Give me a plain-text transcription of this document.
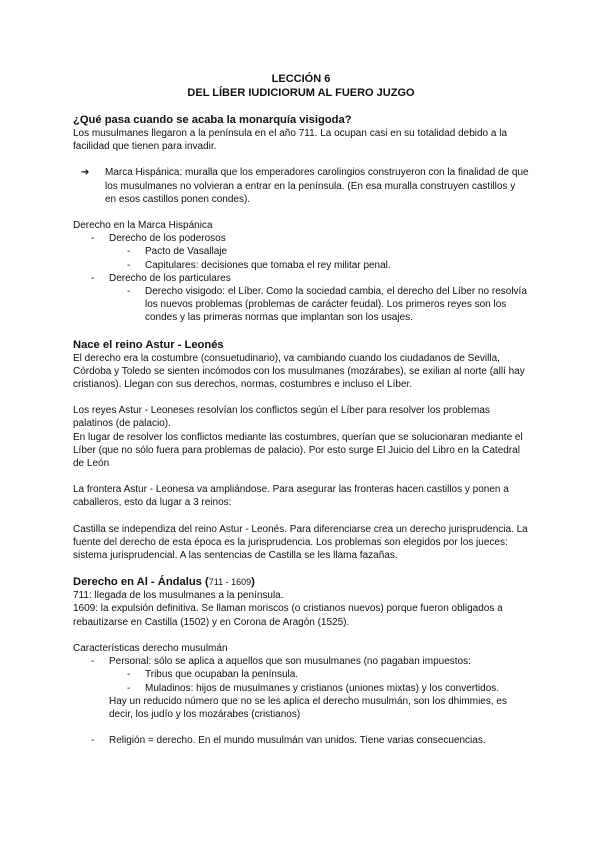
LECCIÓN 6
DEL LÍBER IUDICIORUM AL FUERO JUZGO
¿Qué pasa cuando se acaba la monarquía visigoda?

Los musulmanes llegaron a la península en el año 711. La ocupan casi en su totalidad debido a la facilidad que tienen para invadir.

➔	Marca Hispánica: muralla que los emperadores carolingios construyeron con la finalidad de que los musulmanes no volvieran a entrar en la península. (En esa muralla construyen castillos y en esos castillos ponen condes).

Derecho en la Marca Hispánica

-	Derecho de los poderosos
-	Pacto de Vasallaje
-	Capitulares: decisiones que tomaba el rey militar penal.
-	Derecho de los particulares
-	Derecho visigodo: el Líber. Como la sociedad cambia, el derecho del Líber no resolvía los nuevos problemas (problemas de carácter feudal). Los primeros reyes son los condes y las primeras normas que implantan son los usajes.
Nace el reino Astur - Leonés

El derecho era la costumbre (consuetudinario), va cambiando cuando los ciudadanos de Sevilla, Córdoba y Toledo se sienten incómodos con los musulmanes (mozárabes), se exilian al norte (allí hay cristianos). Llegan con sus derechos, normas, costumbres e incluso el Líber.

Los reyes Astur - Leoneses resolvían los conflictos según el Líber para resolver los problemas palatinos (de palacio).

En lugar de resolver los conflictos mediante las costumbres, querían que se solucionaran mediante el Líber (que no sólo fuera para problemas de palacio). Por esto surge El Juicio del Libro en la Catedral de León

La frontera Astur - Leonesa va ampliándose. Para asegurar las fronteras hacen castillos y ponen a caballeros, esto da lugar a 3 reinos:

Castilla se independiza del reino Astur - Leonés. Para diferenciarse crea un derecho jurisprudencia. La fuente del derecho de esta época es la jurisprudencia. Los problemas son elegidos por los jueces: sistema jurisprudencial. A las sentencias de Castilla se les llama fazañas.

Derecho en Al - Ándalus (711 - 1609)

711: llegada de los musulmanes a la península.

1609: la expulsión definitiva. Se llaman moriscos (o cristianos nuevos) porque fueron obligados a rebautizarse en Castilla (1502) y en Corona de Aragón (1525).

Características derecho musulmán

-	Personal: sólo se aplica a aquellos que son musulmanes (no pagaban impuestos:
-	Tribus que ocupaban la península.
-	Muladinos: hijos de musulmanes y cristianos (uniones mixtas) y los convertidos.

Hay un reducido número que no se les aplica el derecho musulmán, son los dhimmies, es decir, los judío y los mozárabes (cristianos)

-	Religión = derecho. En el mundo musulmán van unidos. Tiene varias consecuencias.
